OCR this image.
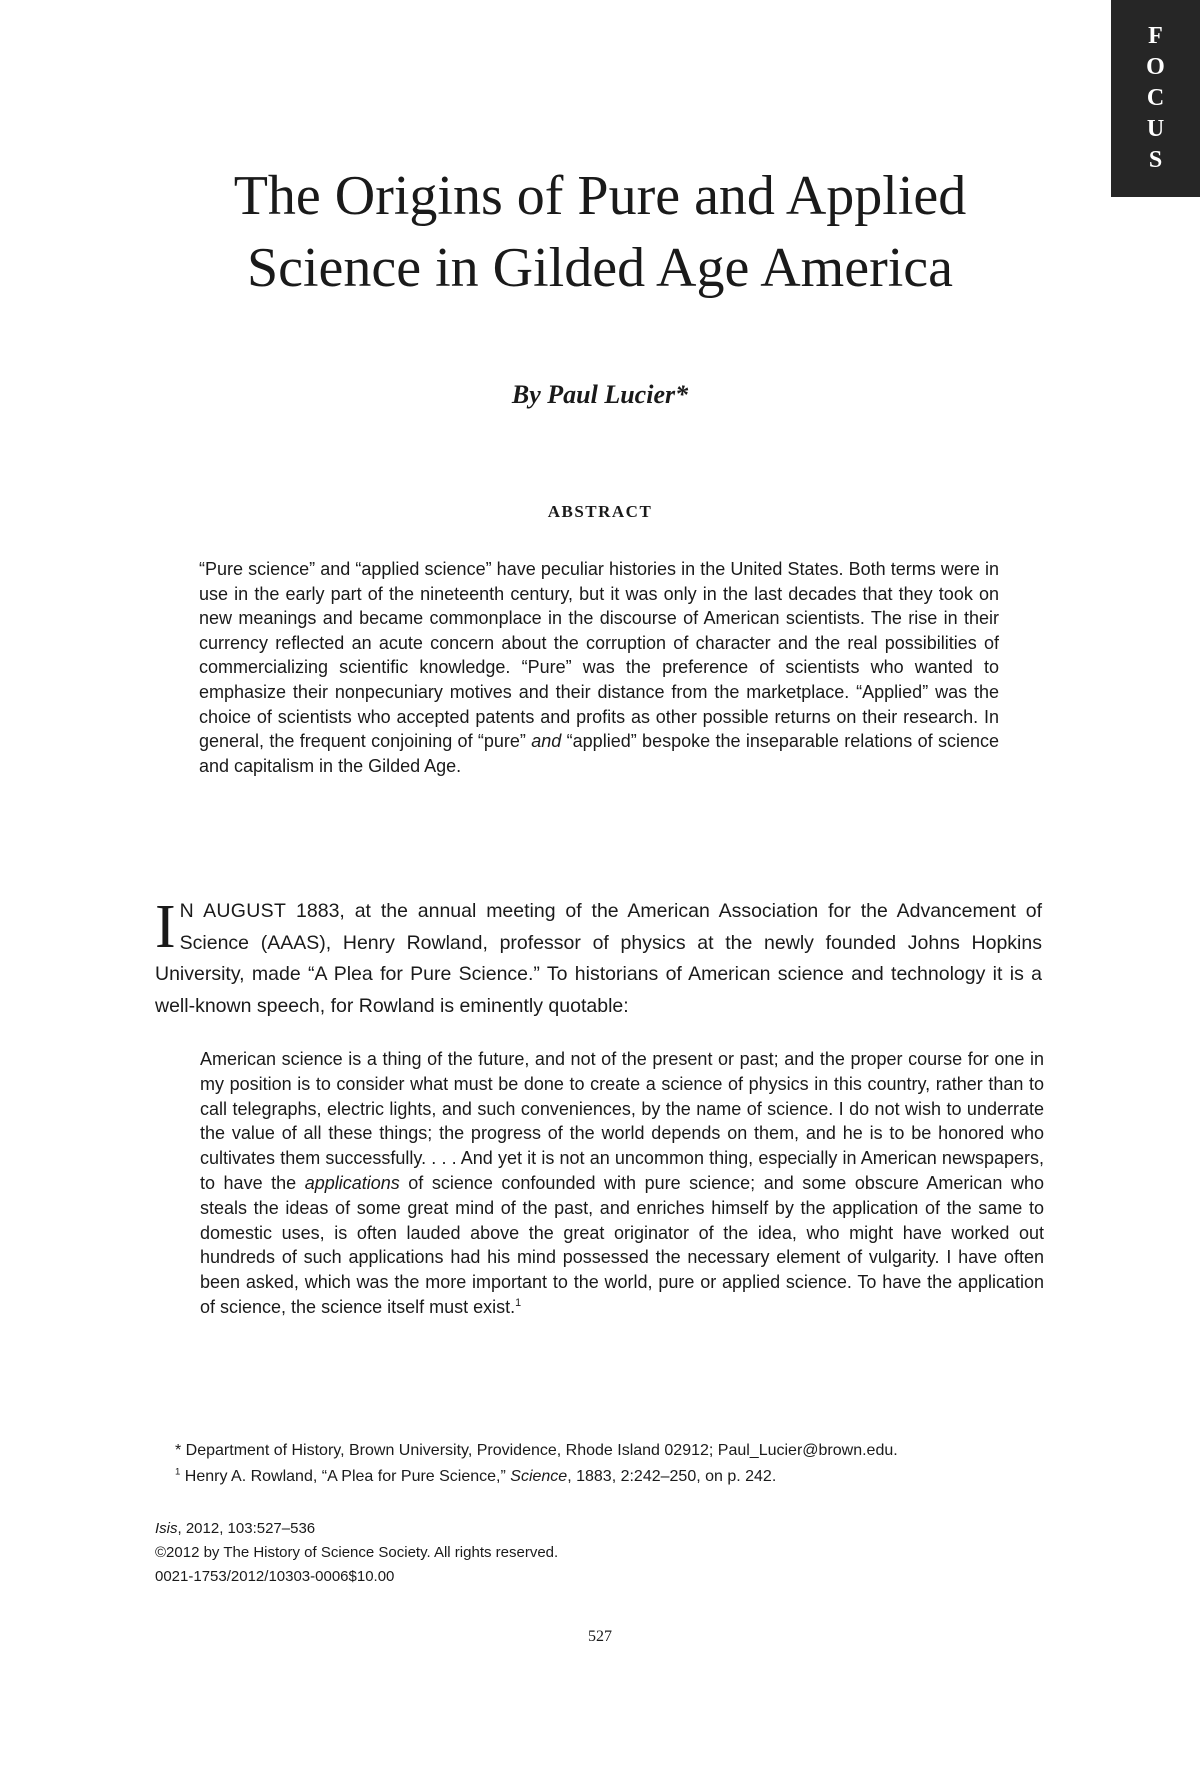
F
O
C
U
S
The Origins of Pure and Applied
Science in Gilded Age America

By Paul Lucier*

ABSTRACT

“Pure science” and “applied science” have peculiar histories in the United States. Both terms were in use in the early part of the nineteenth century, but it was only in the last decades that they took on new meanings and became commonplace in the discourse of American scientists. The rise in their currency reflected an acute concern about the corruption of character and the real possibilities of commercializing scientific knowledge. “Pure” was the preference of scientists who wanted to emphasize their nonpecuniary motives and their distance from the marketplace. “Applied” was the choice of scientists who accepted patents and profits as other possible returns on their research. In general, the frequent conjoining of “pure” and “applied” bespoke the inseparable relations of science and capitalism in the Gilded Age.

I N AUGUST 1883, at the annual meeting of the American Association for the Advancement of Science (AAAS), Henry Rowland, professor of physics at the newly founded Johns Hopkins University, made “A Plea for Pure Science.” To historians of American science and technology it is a well-known speech, for Rowland is eminently quotable:

American science is a thing of the future, and not of the present or past; and the proper course for one in my position is to consider what must be done to create a science of physics in this country, rather than to call telegraphs, electric lights, and such conveniences, by the name of science. I do not wish to underrate the value of all these things; the progress of the world depends on them, and he is to be honored who cultivates them successfully. . . . And yet it is not an uncommon thing, especially in American newspapers, to have the applications of science confounded with pure science; and some obscure American who steals the ideas of some great mind of the past, and enriches himself by the application of the same to domestic uses, is often lauded above the great originator of the idea, who might have worked out hundreds of such applications had his mind possessed the necessary element of vulgarity. I have often been asked, which was the more important to the world, pure or applied science. To have the application of science, the science itself must exist.$^1$

* Department of History, Brown University, Providence, Rhode Island 02912; Paul_Lucier@brown.edu.

$^1$ Henry A. Rowland, “A Plea for Pure Science,” Science, 1883, 2:242–250, on p. 242.

Isis, 2012, 103:527–536

©2012 by The History of Science Society. All rights reserved.

0021-1753/2012/10303-0006$10.00

527
